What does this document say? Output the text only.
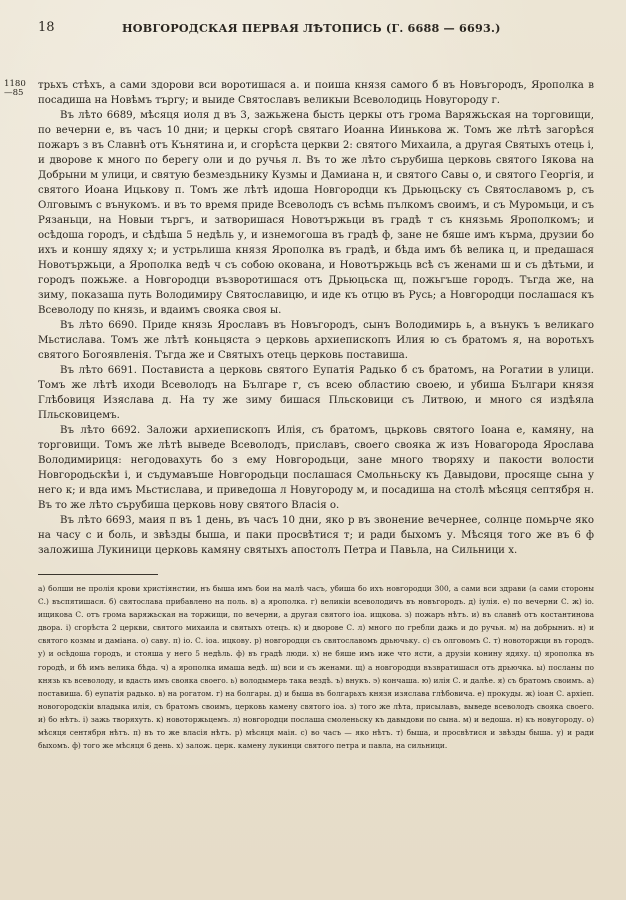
18	НОВГОРОДСКАЯ ПЕРВАЯ ЛѢТОПИСЬ (Г. 6688 — 6693.)
1180
—85

трьхъ стѣхъ, а сами здорови вси воротишася а. и поиша князя самого б въ Новъгородъ, Ярополка в посадиша на Новѣмъ търгу; и выиде Святославъ великыи Всеволодиць Новугороду г.

Въ лѣто 6689, мѣсяця иоля д въ 3, зажьжена бысть церкы отъ грома Варяжьская на торговищи, по вечерни е, въ часъ 10 дни; и церкы сгорѣ святаго Иоанна Иинькова ж. Томъ же лѣтѣ загорѣся пожаръ з въ Славнѣ отъ Кънятина и, и сгорѣста церкви 2: святого Михаила, а другая Святыхъ отець і, и дворове к много по берегу оли и до ручья л. Въ то же лѣто сърубиша церковь святого Іякова на Добрыни м улици, и святую безмездьнику Кузмы и Дамиана н, и святого Савы о, и святого Георгія, и святого Иоана Ицькову п. Томъ же лѣтѣ идоша Новгородци къ Дрьюцьску съ Святославомъ р, съ Олговымъ с вънукомъ. и въ то время приде Всеволодъ съ всѣмь пълкомъ своимъ, и съ Муромьци, и съ Рязаньци, на Новыи търгъ, и затворишася Новотържьци въ градѣ т съ князьмь Ярополкомъ; и осѣдоша городъ, и сѣдѣша 5 недѣль у, и изнемогоша въ градѣ ф, зане не бяше имъ кърма, друзии бо ихъ и коншу ядяху х; и устрьлиша князя Ярополка въ градѣ, и бѣда имъ бѣ велика ц, и предашася Новотържьци, а Ярополка ведѣ ч съ собою окована, и Новотържьць всѣ съ женами ш и съ дѣтьми, и городъ пожьже. а Новгородци възворотишася отъ Дрьюцьска щ, пожьгъше городъ. Тъгда же, на зиму, показаша путь Володимиру Святославицю, и иде къ отцю въ Русь; а Новгородци послашася къ Всеволоду по князь, и вдаимъ свояка своя ы.

Въ лѣто 6690. Приде князь Ярославъ въ Новъгородъ, сынъ Володимирь ь, а вънукъ ъ великаго Мьстислава. Томъ же лѣтѣ коньцяста э церковь архиепископъ Илия ю съ братомъ я, на воротьхъ святого Богоявленія. Тъгда же и Святыхъ отець церковь поставиша.

Въ лѣто 6691. Постависта а церковь святого Еупатія Радько б съ братомъ, на Рогатии в улици. Томъ же лѣтѣ иходи Всеволодъ на Българе г, съ всею областию своею, и убиша Българи князя Глѣбовиця Изяслава д. На ту же зиму бишася Пльсковици съ Литвою, и много ся издѣяла Пльсковицемъ.

Въ лѣто 6692. Заложи архиепископъ Илія, съ братомъ, цьрковь святого Іоана е, камяну, на торговищи. Томъ же лѣтѣ выведе Всеволодъ, приславъ, своего свояка ж изъ Новагорода Ярослава Володимириця: негодовахуть бо з ему Новгородьци, зане много творяху и пакости волости Новгородьскѣи і, и съдумавъше Новгородьци послашася Смольньску къ Давыдови, просяще сына у него к; и вда имъ Мьстислава, и приведоша л Новугороду м, и посадиша на столѣ мѣсяця септября н. Въ то же лѣто сърубиша церковь нову святого Власія о.

Въ лѣто 6693, маия п въ 1 день, въ часъ 10 дни, яко р въ звонение вечернее, солнце помьрче яко на часу с и боль, и звѣзды быша, и паки просвѣтися т; и ради быхомъ у. Мѣсяця того же въ 6 ф заложиша Лукиници церковь камяну святыхъ апостолъ Петра и Павьла, на Сильници х.

а) болши не пролія крови христіянстии, нъ быша имъ бои на малѣ часъ, убиша бо ихъ новгородци 300, а сами вси здрави (а сами стороны С.) въспятишася. б) святослава прибавлено на поль. в) а ярополка. г) великiи всеволодичъ въ новъгородъ. д) іулія. е) по вечерни С. ж) іо. ищикова С. отъ грома варяжьская на торжищи, по вечерни, а другая святого іоа. ищкова. з) пожаръ нѣтъ. и) въ славнѣ отъ костантинова двора. і) сгорѣста 2 церкви, святого михаила и святыхъ отецъ. к) и дворове С. л) много по гребли дажь и до ручья. м) на добрыниъ. н) и святого козмы и даміана. о) саву. п) іо. С. іоа. ицкову. р) новгородци съ святославомъ дрьючьку. с) съ олговомъ С. т) новоторжци въ городъ. у) и осѣдоша городъ, и стояша у него 5 недѣль. ф) въ градѣ люди. х) не бяше имъ иже что ясти, а друзiи конину ядяху. ц) ярополка въ городѣ, и бѣ имъ велика бѣда. ч) а ярополка имаша ведѣ. ш) вси и съ женами. щ) а новгородци възвратишася отъ дрьючка. ы) посланы по князь къ всеволоду, и вдасть имъ свояка своего. ь) володымерь така вездѣ. ъ) внукъ. э) кончаша. ю) илія С. и далѣе. я) съ братомъ своимъ. а) поставиша. б) еупатія радько. в) на рогатом. г) на болгары. д) и быша въ болгарьхъ князя изяслава глѣбовича. е) прокуды. ж) іоан С. архiеп. новогородскiи владыка илія, съ братомъ своимъ, церковь камену святого іоа. з) того же лѣта, присылавъ, выведе всеволодъ свояка своего. и) бо нѣтъ. і) зажь творяхуть. к) новоторжьцемъ. л) новгородци послаша смоленьску къ давыдови по сына. м) и ведоша. н) къ новугороду. о) мѣсяця сентября нѣтъ. п) въ то же власія нѣтъ. р) мѣсяця маія. с) во часъ — яко нѣтъ. т) быша, и просвѣтися и звѣзды быша. у) и ради быхомъ. ф) того же мѣсяця 6 день. х) залож. церк. камену лукинци святого петра и павла, на сильници.
